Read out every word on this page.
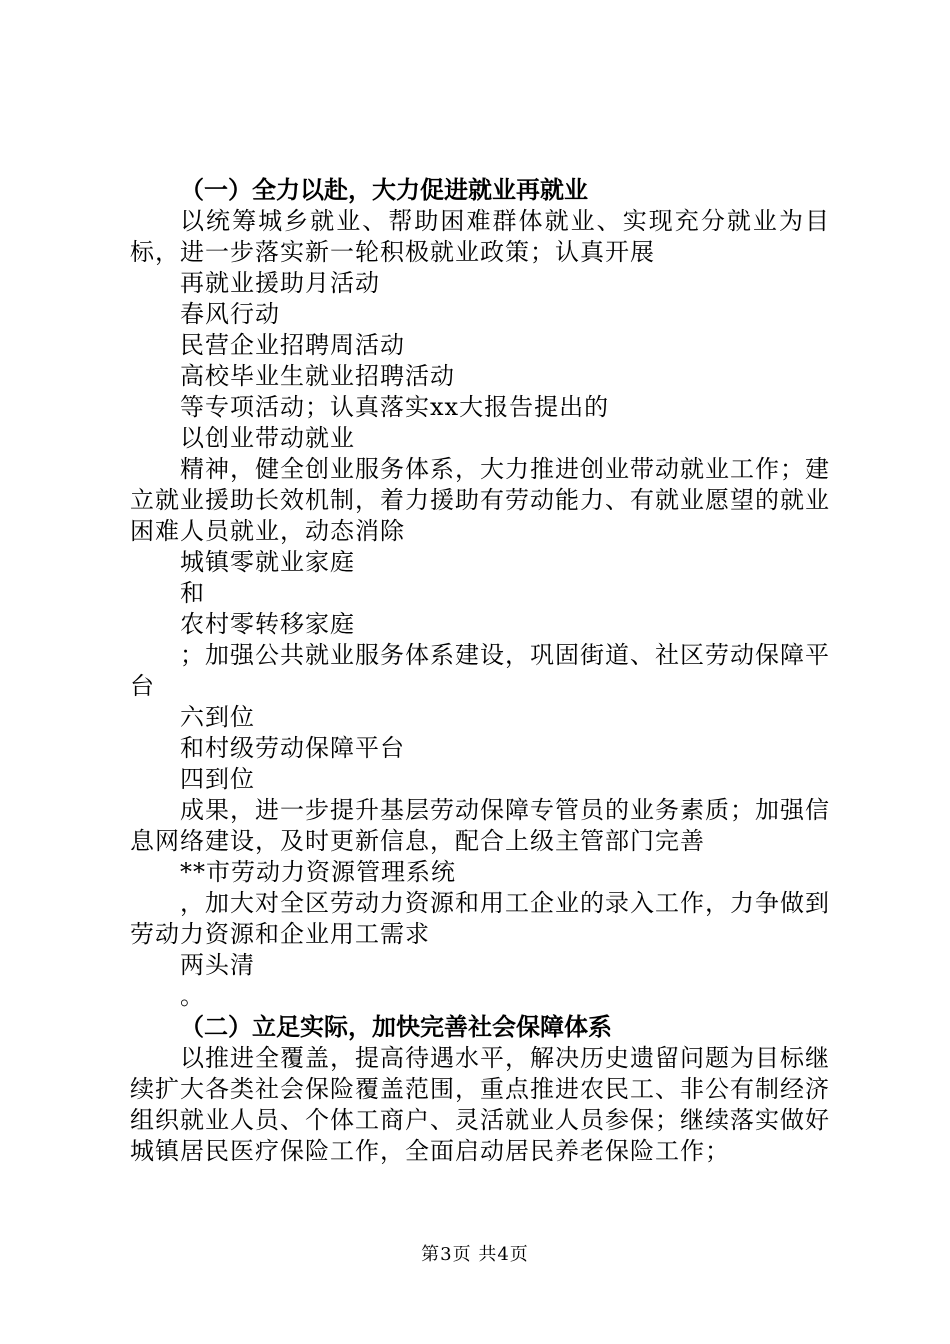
（一）全力以赴，大力促进就业再就业
以统筹城乡就业、帮助困难群体就业、实现充分就业为目标，进一步落实新一轮积极就业政策；认真开展
再就业援助月活动
春风行动
民营企业招聘周活动
高校毕业生就业招聘活动
等专项活动；认真落实xx大报告提出的
以创业带动就业
精神，健全创业服务体系，大力推进创业带动就业工作；建立就业援助长效机制，着力援助有劳动能力、有就业愿望的就业困难人员就业，动态消除
城镇零就业家庭
和
农村零转移家庭
；加强公共就业服务体系建设，巩固街道、社区劳动保障平台
六到位
和村级劳动保障平台
四到位
成果，进一步提升基层劳动保障专管员的业务素质；加强信息网络建设，及时更新信息，配合上级主管部门完善
**市劳动力资源管理系统
，加大对全区劳动力资源和用工企业的录入工作，力争做到劳动力资源和企业用工需求
两头清
。
（二）立足实际，加快完善社会保障体系
以推进全覆盖，提高待遇水平，解决历史遗留问题为目标继续扩大各类社会保险覆盖范围，重点推进农民工、非公有制经济组织就业人员、个体工商户、灵活就业人员参保；继续落实做好城镇居民医疗保险工作，全面启动居民养老保险工作；
第3页 共4页
